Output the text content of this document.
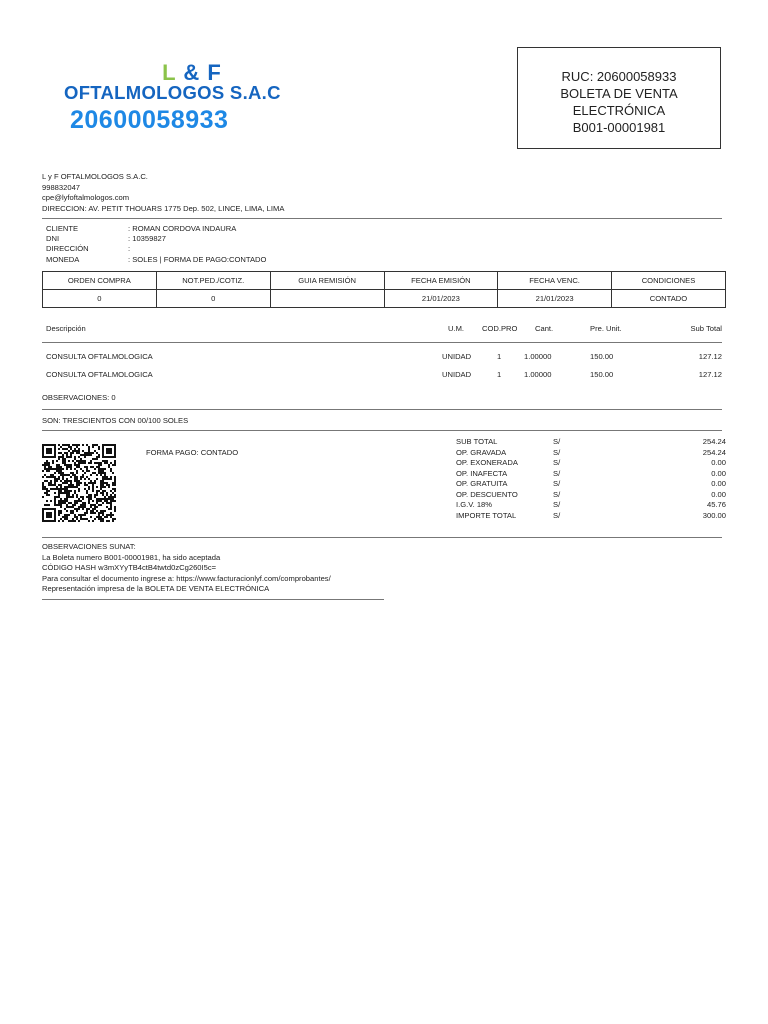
L & F
OFTALMOLOGOS S.A.C
20600058933
RUC: 20600058933
BOLETA DE VENTA
ELECTRÓNICA
B001-00001981
L y F OFTALMOLOGOS S.A.C.
998832047
cpe@lyfoftalmologos.com
DIRECCION: AV. PETIT THOUARS 1775 Dep. 502, LINCE, LIMA, LIMA
CLIENTE	: ROMAN CORDOVA INDAURA
DNI	: 10359827
DIRECCIÓN	:
MONEDA	: SOLES | FORMA DE PAGO:CONTADO
ORDEN COMPRA	NOT.PED./COTIZ.	GUIA REMISIÓN	FECHA EMISIÓN	FECHA VENC.	CONDICIONES
0	0		21/01/2023	21/01/2023	CONTADO
Descripción	U.M. COD.PRO Cant.	Pre. Unit.	Sub Total
CONSULTA OFTALMOLOGICA	UNIDAD	1	1.00000	150.00	127.12
CONSULTA OFTALMOLOGICA	UNIDAD	1	1.00000	150.00	127.12
OBSERVACIONES: 0
SON: TRESCIENTOS CON 00/100 SOLES
FORMA PAGO: CONTADO
SUB TOTAL	S/	254.24
OP. GRAVADA	S/	254.24
OP. EXONERADA	S/	0.00
OP. INAFECTA	S/	0.00
OP. GRATUITA	S/	0.00
OP. DESCUENTO	S/	0.00
I.G.V. 18%	S/	45.76
IMPORTE TOTAL	S/	300.00
OBSERVACIONES SUNAT:
La Boleta numero B001-00001981, ha sido aceptada
CÓDIGO HASH w3mXYyTB4ctB4twtd0zCg260I5c=
Para consultar el documento ingrese a: https://www.facturacionlyf.com/comprobantes/
Representación impresa de la BOLETA DE VENTA ELECTRÓNICA
